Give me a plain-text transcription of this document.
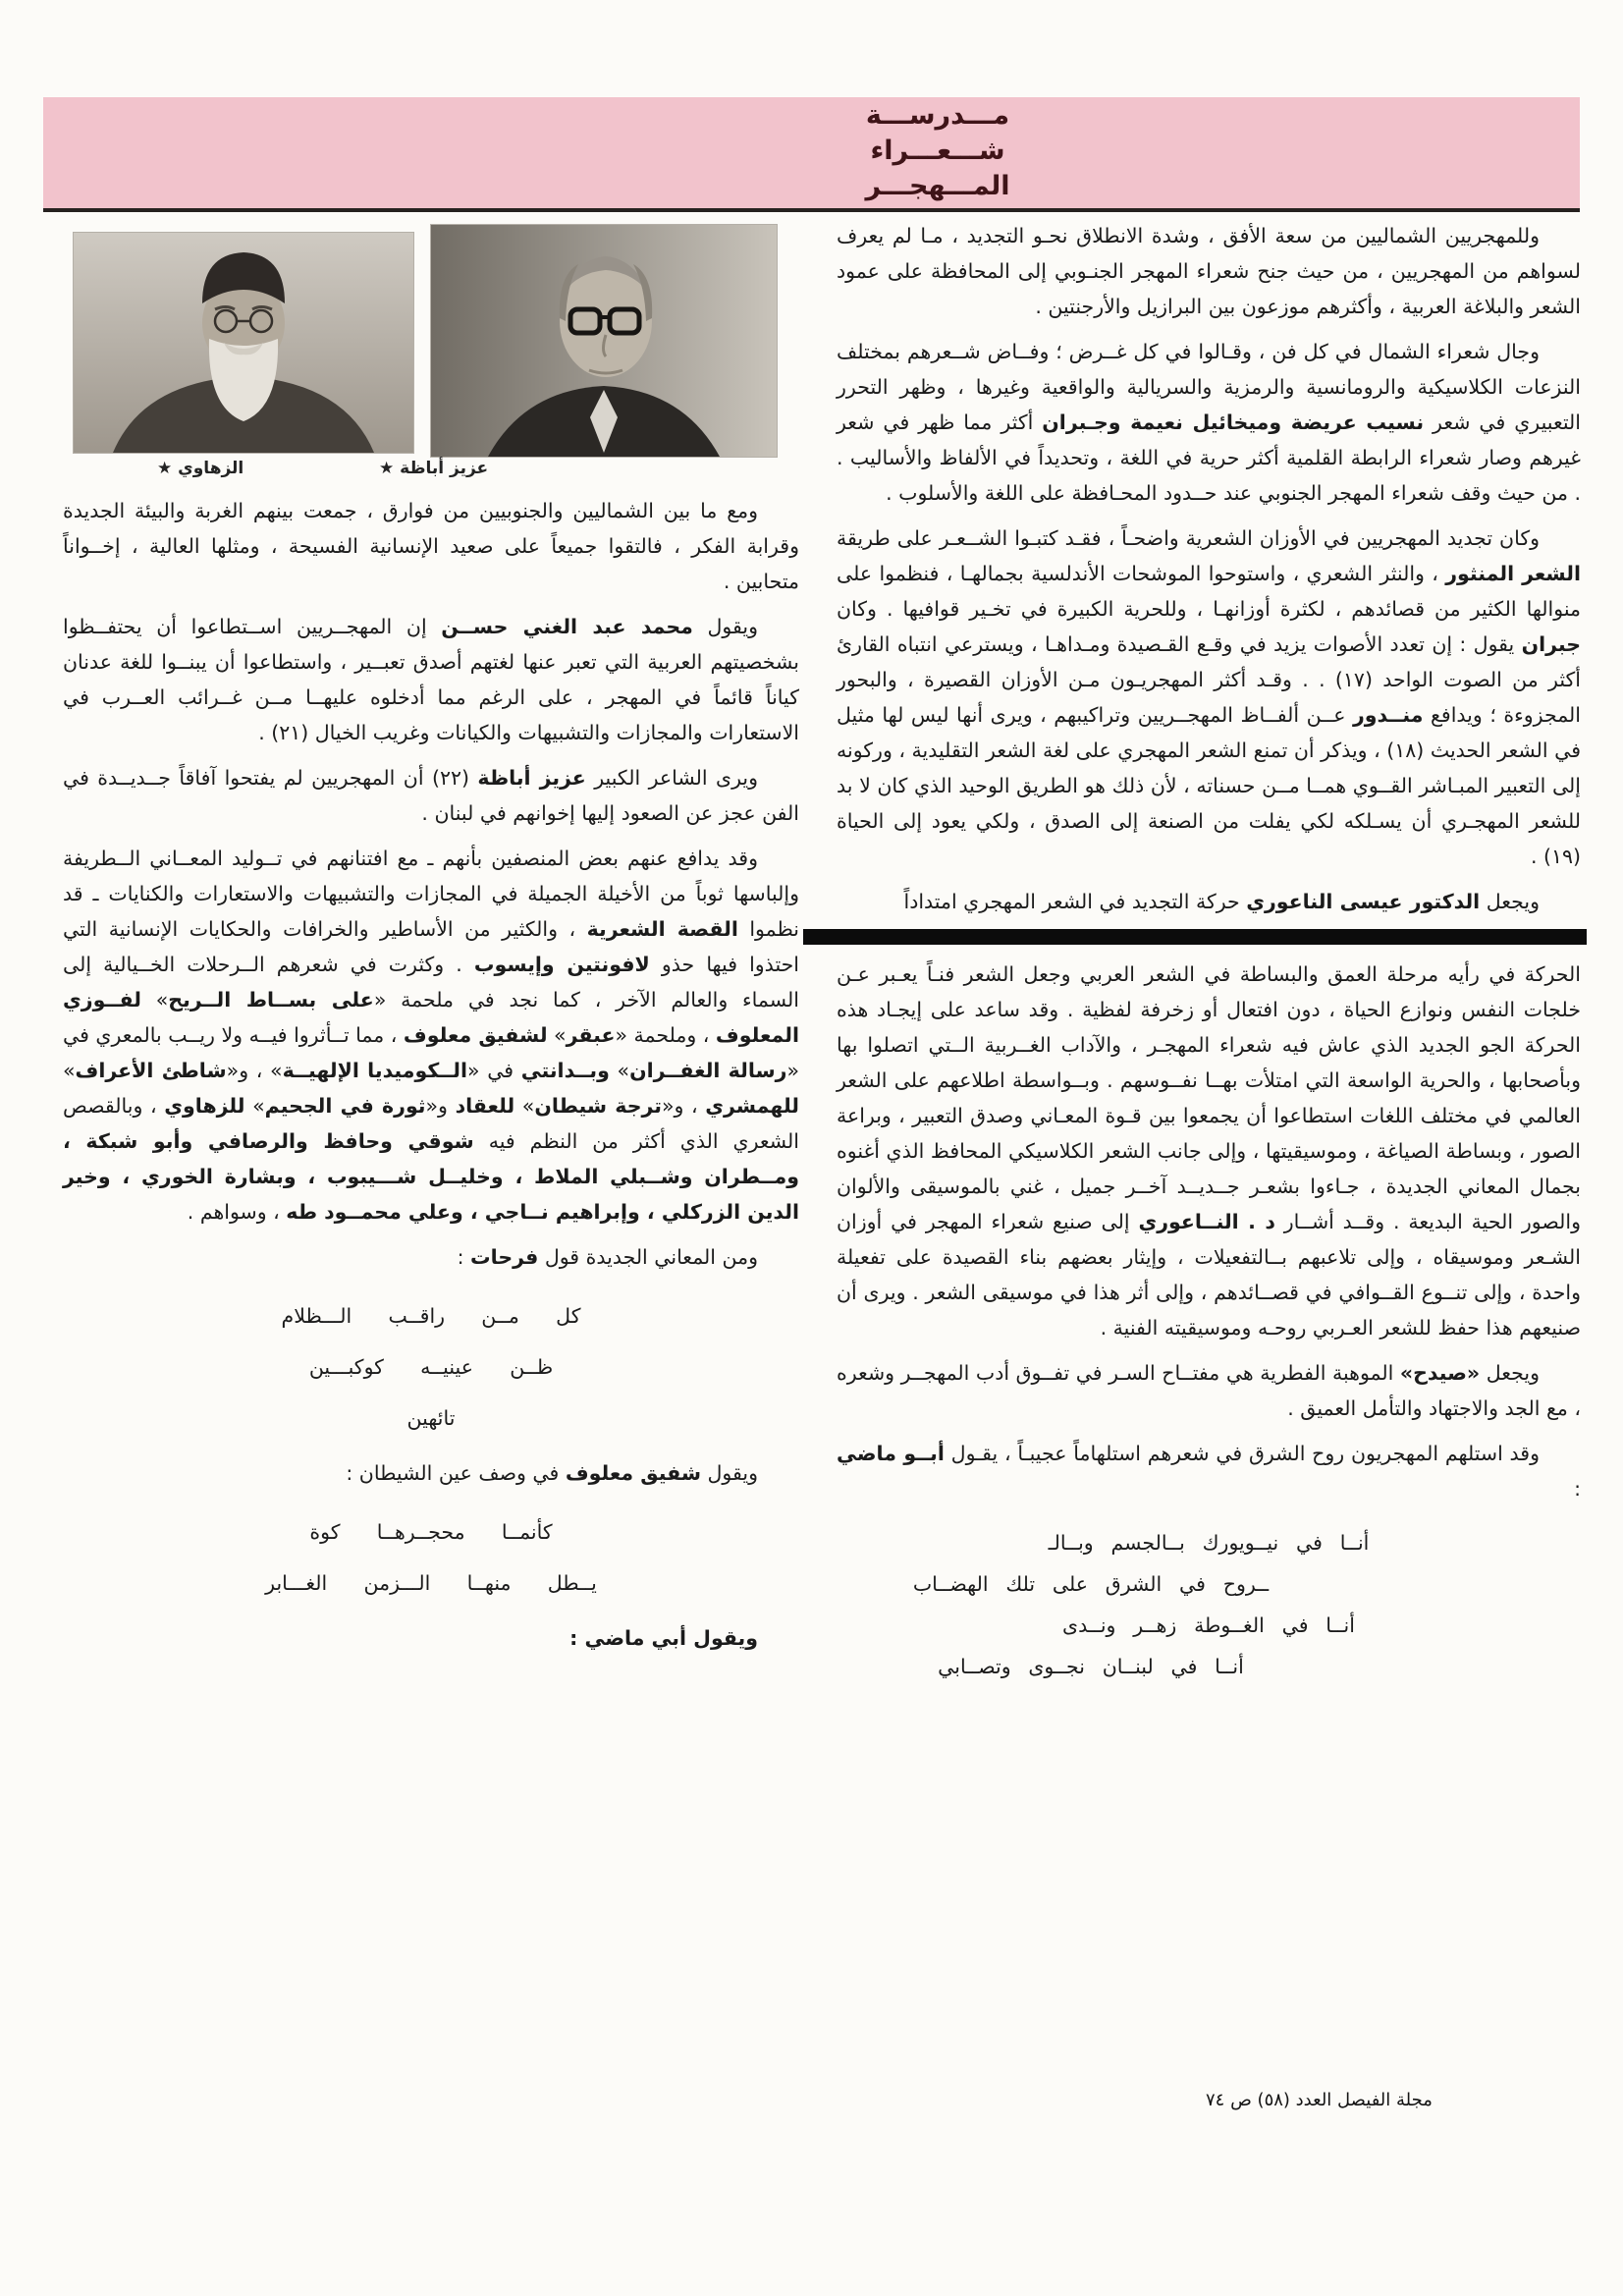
مـــدرســـة
شـــعـــراء
المـــهجـــر
الزهاوي ★	عزيز أباظة ★

وللمهجريين الشماليين من سعة الأفق ، وشدة الانطلاق نحـو التجديد ، مـا لم يعرف لسواهم من المهجريين ، من حيث جنح شعراء المهجر الجنـوبي إلى المحافظة على عمود الشعر والبلاغة العربية ، وأكثرهم موزعون بين البرازيل والأرجنتين .

وجال شعراء الشمال في كل فن ، وقـالوا في كل غــرض ؛ وفــاض شــعرهم بمختلف النزعات الكلاسيكية والرومانسية والرمزية والسريالية والواقعية وغيرها ، وظهر التحرر التعبيري في شعر نسيب عريضة وميخائيل نعيمة وجـبران أكثر مما ظهر في شعر غيرهم وصار شعراء الرابطة القلمية أكثر حرية في اللغة ، وتحديداً في الألفاظ والأساليب . . من حيث وقف شعراء المهجر الجنوبي عند حــدود المحـافظة على اللغة والأسلوب .

وكان تجديد المهجريين في الأوزان الشعرية واضحـاً ، فقـد كتبـوا الشــعـر على طريقة الشعر المنثور ، والنثر الشعري ، واستوحوا الموشحات الأندلسية بجمالهـا ، فنظموا على منوالها الكثير من قصائدهم ، لكثرة أوزانهـا ، وللحرية الكبيرة في تخـير قوافيها . وكان جبران يقول : إن تعدد الأصوات يزيد في وقـع القـصيدة ومـداهـا ، ويسترعي انتباه القارئ أكثر من الصوت الواحد (١٧) . . وقـد أكثر المهجريـون مـن الأوزان القصيرة ، والبحور المجزوءة ؛ ويدافع منــدور عــن ألفــاظ المهجــريين وتراكيبهم ، ويرى أنها ليس لها مثيل في الشعر الحديث (١٨) ، ويذكر أن تمنع الشعر المهجري على لغة الشعر التقليدية ، وركونه إلى التعبير المبـاشر القــوي همــا مــن حسناته ، لأن ذلك هو الطريق الوحيد الذي كان لا بد للشعر المهجـري أن يسـلكه لكي يفلت من الصنعة إلى الصدق ، ولكي يعود إلى الحياة (١٩) .

ويجعل الدكتور عيسى الناعوري حركة التجديد في الشعر المهجري امتداداً

الحركة في رأيه مرحلة العمق والبساطة في الشعر العربي وجعل الشعر فنـاً يعـبر عـن خلجات النفس ونوازع الحياة ، دون افتعال أو زخرفة لفظية . وقد ساعد على إيجـاد هذه الحركة الجو الجديد الذي عاش فيه شعراء المهجـر ، والآداب الغــربية الــتي اتصلوا بها وبأصحابها ، والحرية الواسعة التي امتلأت بهــا نفــوسهم . وبــواسطة اطلاعهم على الشعر العالمي في مختلف اللغات استطاعوا أن يجمعوا بين قـوة المعـاني وصدق التعبير ، وبراعة الصور ، وبساطة الصياغة ، وموسيقيتها ، وإلى جانب الشعر الكلاسيكي المحافظ الذي أغنوه بجمال المعاني الجديدة ، جـاءوا بشعـر جــديــد آخــر جميل ، غني بالموسيقى والألوان والصور الحية البديعة . وقــد أشــار د . النــاعوري إلى صنيع شعراء المهجر في أوزان الشـعر وموسيقاه ، وإلى تلاعبهم بــالتفعيلات ، وإيثار بعضهم بناء القصيدة على تفعيلة واحدة ، وإلى تنــوع القــوافي في قصــائدهم ، وإلى أثر هذا في موسيقى الشعر . ويرى أن صنيعهم هذا حفظ للشعر العـربي روحـه وموسيقيته الفنية .

ويجعل «صيدح» الموهبة الفطرية هي مفتــاح السـر في تفــوق أدب المهجــر وشعره ، مع الجد والاجتهاد والتأمل العميق .

وقد استلهم المهجريون روح الشرق في شعرهم استلهاماً عجيبـاً ، يقـول أبــو ماضي :

أنــا في نيــويورك بــالجسم وبــالـ
ــروح في الشرق على تلك الهضــاب
أنــا في الغــوطة زهــر ونــدى
أنــا في لبنــان نجــوى وتصــابي

ومع ما بين الشماليين والجنوبيين من فوارق ، جمعت بينهم الغربة والبيئة الجديدة وقرابة الفكر ، فالتقوا جميعاً على صعيد الإنسانية الفسيحة ، ومثلها العالية ، إخــواناً متحابين .

ويقول محمد عبد الغني حســن إن المهجــريين اســتطاعوا أن يحتفــظوا بشخصيتهم العربية التي تعبر عنها لغتهم أصدق تعبــير ، واستطاعوا أن يبنــوا للغة عدنان كياناً قائماً في المهجر ، على الرغم مما أدخلوه عليهــا مــن غــرائب العــرب في الاستعارات والمجازات والتشبيهات والكيانات وغريب الخيال (٢١) .

ويرى الشاعر الكبير عزيز أباظة (٢٢) أن المهجريين لم يفتحوا آفاقاً جــديــدة في الفن عجز عن الصعود إليها إخوانهم في لبنان .

وقد يدافع عنهم بعض المنصفين بأنهم ـ مع افتنانهم في تــوليد المعــاني الــطريفة وإلباسها ثوباً من الأخيلة الجميلة في المجازات والتشبيهات والاستعارات والكنايات ـ قد نظموا القصة الشعرية ، والكثير من الأساطير والخرافات والحكايات الإنسانية التي احتذوا فيها حذو لافونتين وإيسوب . وكثرت في شعرهم الــرحلات الخــيالية إلى السماء والعالم الآخر ، كما نجد في ملحمة «على بســاط الــريح» لفــوزي المعلوف ، وملحمة «عبقر» لشفيق معلوف ، مما تــأثروا فيــه ولا ريــب بالمعري في «رسالة الغفــران» وبــدانتي في «الــكوميديا الإلهيــة» ، و«شاطئ الأعراف» للهمشري ، و«ترجة شيطان» للعقاد و«ثورة في الجحيم» للزهاوي ، وبالقصص الشعري الذي أكثر من النظم فيه شوقي وحافظ والرصافي وأبو شبكة ، ومــطران وشــبلي الملاط ، وخليــل شـــيبوب ، وبشارة الخوري ، وخير الدين الزركلي ، وإبراهيم نــاجي ، وعلي محمــود طه ، وسواهم .

ومن المعاني الجديدة قول فرحات :

كل مــن راقــب الـــظلام
ظــن عينيــه كوكبـــين
تائهين

ويقول شفيق معلوف في وصف عين الشيطان :

كأنمــا محجــرهــا كوة
يــطل منهــا الـــزمن الغـــابر

ويقول أبي ماضي :

مجلة الفيصل العدد (٥٨) ص ٧٤
